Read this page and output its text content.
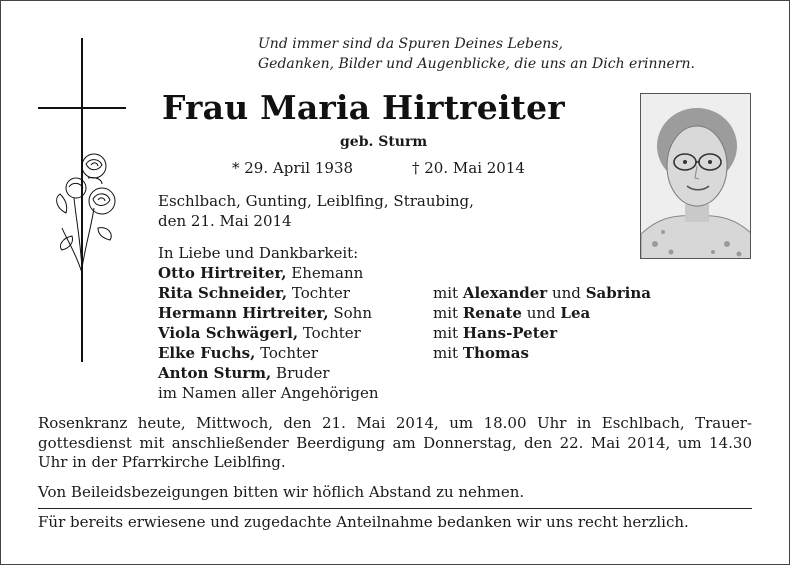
Und immer sind da Spuren Deines Lebens,
Gedanken, Bilder und Augenblicke, die uns an Dich erinnern.
Frau Maria Hirtreiter
geb. Sturm
* 29. April 1938	† 20. Mai 2014
Eschlbach, Gunting, Leiblfing, Straubing,
den 21. Mai 2014
In Liebe und Dankbarkeit:
Otto Hirtreiter, Ehemann
Rita Schneider, Tochter	mit Alexander und Sabrina
Hermann Hirtreiter, Sohn	mit Renate und Lea
Viola Schwägerl, Tochter	mit Hans-Peter
Elke Fuchs, Tochter	mit Thomas
Anton Sturm, Bruder
im Namen aller Angehörigen
Rosenkranz heute, Mittwoch, den 21. Mai 2014, um 18.00 Uhr in Eschlbach, Trauergottesdienst mit anschließender Beerdigung am Donnerstag, den 22. Mai 2014, um 14.30 Uhr in der Pfarrkirche Leiblfing.
Von Beileidsbezeigungen bitten wir höflich Abstand zu nehmen.
Für bereits erwiesene und zugedachte Anteilnahme bedanken wir uns recht herzlich.
